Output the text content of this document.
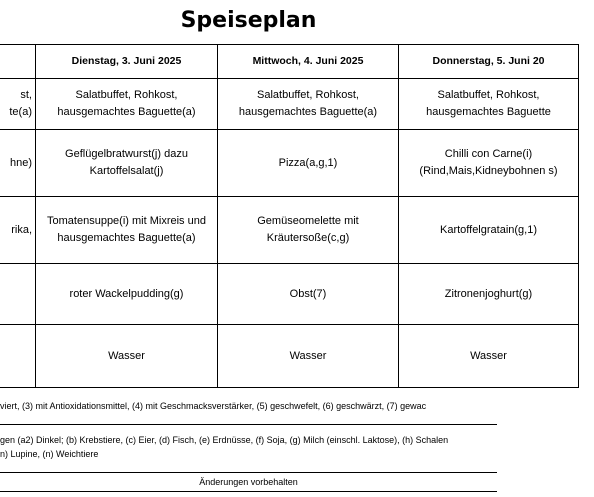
Speiseplan
	Dienstag, 3. Juni 2025	Mittwoch, 4. Juni 2025	Donnerstag, 5. Juni 20
st,
te(a)	Salatbuffet, Rohkost, hausgemachtes Baguette(a)	Salatbuffet, Rohkost, hausgemachtes Baguette(a)	Salatbuffet, Rohkost, hausgemachtes Baguette
hne)	Geflügelbratwurst(j) dazu Kartoffelsalat(j)	Pizza(a,g,1)	Chilli con Carne(i) (Rind,Mais,Kidneybohnen s)
rika,	Tomatensuppe(i) mit Mixreis und hausgemachtes Baguette(a)	Gemüseomelette mit Kräutersoße(c,g)	Kartoffelgratain(g,1)
	roter Wackelpudding(g)	Obst(7)	Zitronenjoghurt(g)
	Wasser	Wasser	Wasser
viert, (3) mit Antioxidationsmittel, (4) mit Geschmacksverstärker, (5) geschwefelt, (6) geschwärzt, (7) gewac
gen (a2) Dinkel; (b) Krebstiere, (c) Eier, (d) Fisch, (e) Erdnüsse, (f) Soja, (g) Milch (einschl. Laktose), (h) Schalen
n) Lupine, (n) Weichtiere
Änderungen vorbehalten
